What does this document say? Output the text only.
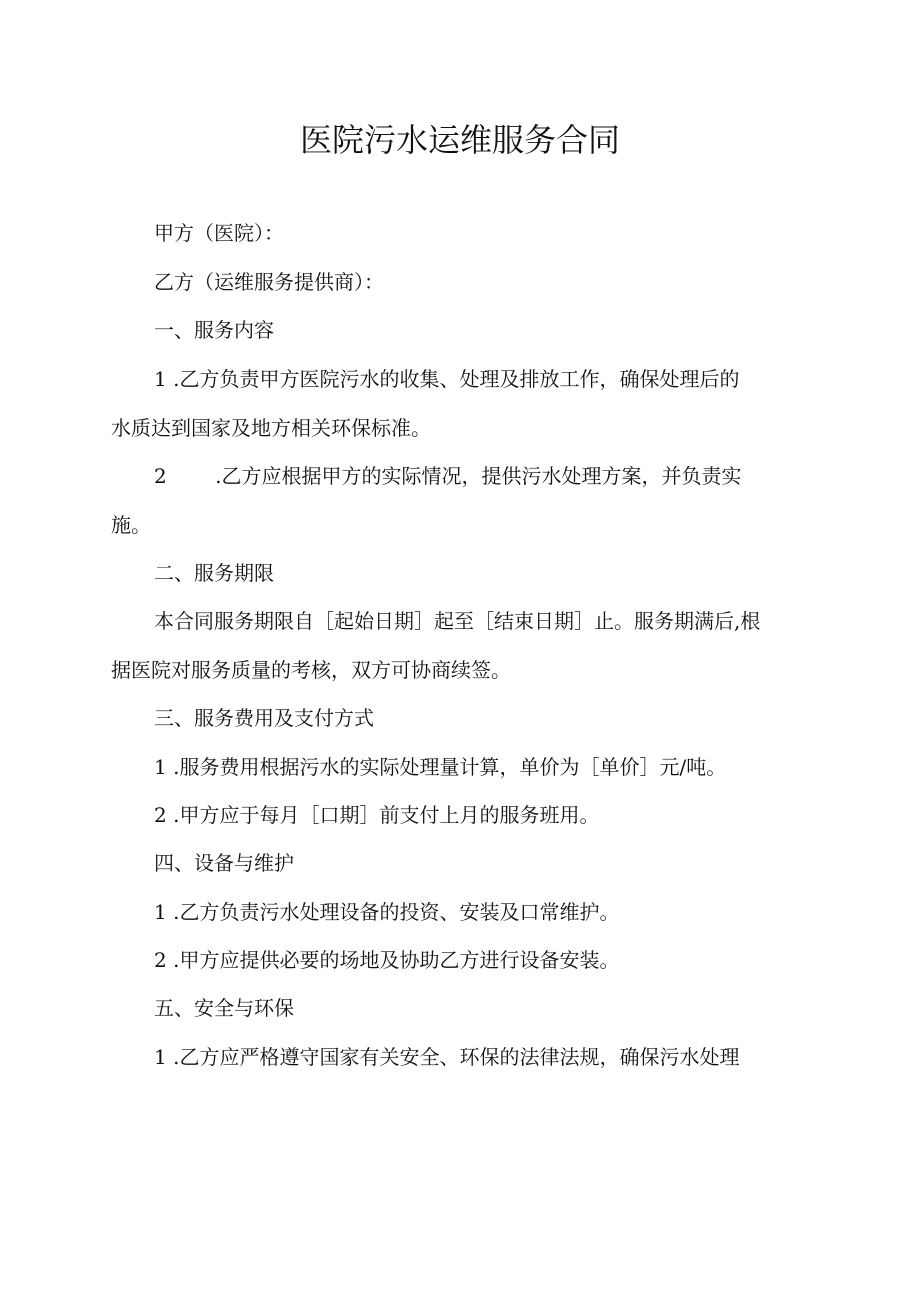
医院污水运维服务合同
甲方（医院）：
乙方（运维服务提供商）：
一、服务内容
1 .乙方负责甲方医院污水的收集、处理及排放工作，确保处理后的
水质达到国家及地方相关环保标准。
2 .乙方应根据甲方的实际情况，提供污水处理方案，并负责实
施。
二、服务期限
本合同服务期限自［起始日期］起至［结束日期］止。服务期满后,根
据医院对服务质量的考核，双方可协商续签。
三、服务费用及支付方式
1 .服务费用根据污水的实际处理量计算，单价为［单价］元/吨。
2 .甲方应于每月［口期］前支付上月的服务班用。
四、设备与维护
1 .乙方负责污水处理设备的投资、安装及口常维护。
2 .甲方应提供必要的场地及协助乙方进行设备安装。
五、安全与环保
1 .乙方应严格遵守国家有关安全、环保的法律法规，确保污水处理
